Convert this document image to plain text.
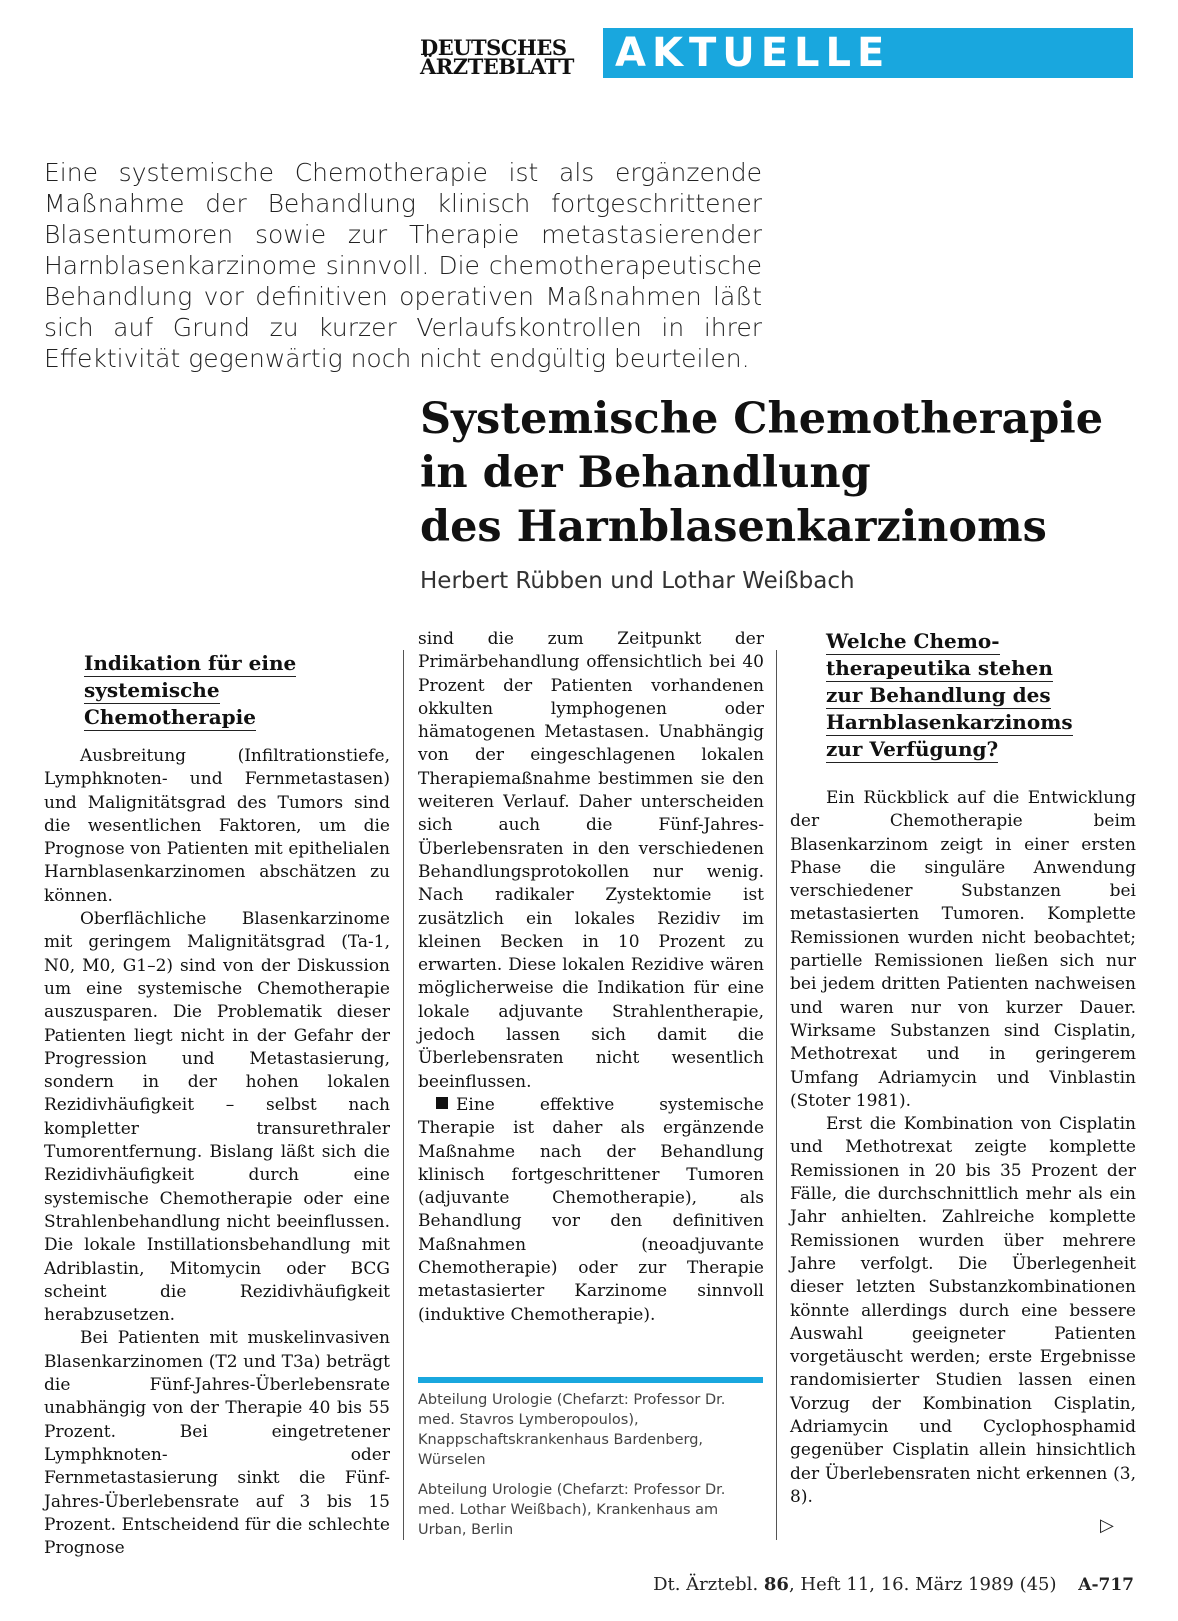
DEUTSCHES
ÄRZTEBLATT	AKTUELLE MEDIZIN

Eine systemische Chemotherapie ist als ergänzende Maßnahme der Behandlung klinisch fortgeschrittener Blasentumoren sowie zur Therapie metastasierender Harnblasenkarzinome sinnvoll. Die chemotherapeutische Behandlung vor definitiven operativen Maßnahmen läßt sich auf Grund zu kurzer Verlaufskontrollen in ihrer Effektivität gegenwärtig noch nicht endgültig beurteilen.

Systemische Chemotherapie
in der Behandlung
des Harnblasenkarzinoms

Herbert Rübben und Lothar Weißbach

Indikation für eine
systemische
Chemotherapie

Ausbreitung (Infiltrationstiefe, Lymphknoten- und Fernmetastasen) und Malignitätsgrad des Tumors sind die wesentlichen Faktoren, um die Prognose von Patienten mit epithelialen Harnblasenkarzinomen abschätzen zu können.

Oberflächliche Blasenkarzinome mit geringem Malignitätsgrad (Ta-1, N0, M0, G1–2) sind von der Diskussion um eine systemische Chemotherapie auszusparen. Die Problematik dieser Patienten liegt nicht in der Gefahr der Progression und Metastasierung, sondern in der hohen lokalen Rezidivhäufigkeit – selbst nach kompletter transurethraler Tumorentfernung. Bislang läßt sich die Rezidivhäufigkeit durch eine systemische Chemotherapie oder eine Strahlenbehandlung nicht beeinflussen. Die lokale Instillationsbehandlung mit Adriblastin, Mitomycin oder BCG scheint die Rezidivhäufigkeit herabzusetzen.

Bei Patienten mit muskelinvasiven Blasenkarzinomen (T2 und T3a) beträgt die Fünf-Jahres-Überlebensrate unabhängig von der Therapie 40 bis 55 Prozent. Bei eingetretener Lymphknoten- oder Fernmetastasierung sinkt die Fünf-Jahres-Überlebensrate auf 3 bis 15 Prozent. Entscheidend für die schlechte Prognose

sind die zum Zeitpunkt der Primärbehandlung offensichtlich bei 40 Prozent der Patienten vorhandenen okkulten lymphogenen oder hämatogenen Metastasen. Unabhängig von der eingeschlagenen lokalen Therapiemaßnahme bestimmen sie den weiteren Verlauf. Daher unterscheiden sich auch die Fünf-Jahres-Überlebensraten in den verschiedenen Behandlungsprotokollen nur wenig. Nach radikaler Zystektomie ist zusätzlich ein lokales Rezidiv im kleinen Becken in 10 Prozent zu erwarten. Diese lokalen Rezidive wären möglicherweise die Indikation für eine lokale adjuvante Strahlentherapie, jedoch lassen sich damit die Überlebensraten nicht wesentlich beeinflussen.

Eine effektive systemische Therapie ist daher als ergänzende Maßnahme nach der Behandlung klinisch fortgeschrittener Tumoren (adjuvante Chemotherapie), als Behandlung vor den definitiven Maßnahmen (neoadjuvante Chemotherapie) oder zur Therapie metastasierter Karzinome sinnvoll (induktive Chemotherapie).

Abteilung Urologie (Chefarzt: Professor Dr. med. Stavros Lymberopoulos), Knappschaftskrankenhaus Bardenberg, Würselen

Abteilung Urologie (Chefarzt: Professor Dr. med. Lothar Weißbach), Krankenhaus am Urban, Berlin

Welche Chemo-
therapeutika stehen
zur Behandlung des
Harnblasenkarzinoms
zur Verfügung?

Ein Rückblick auf die Entwicklung der Chemotherapie beim Blasenkarzinom zeigt in einer ersten Phase die singuläre Anwendung verschiedener Substanzen bei metastasierten Tumoren. Komplette Remissionen wurden nicht beobachtet; partielle Remissionen ließen sich nur bei jedem dritten Patienten nachweisen und waren nur von kurzer Dauer. Wirksame Substanzen sind Cisplatin, Methotrexat und in geringerem Umfang Adriamycin und Vinblastin (Stoter 1981).

Erst die Kombination von Cisplatin und Methotrexat zeigte komplette Remissionen in 20 bis 35 Prozent der Fälle, die durchschnittlich mehr als ein Jahr anhielten. Zahlreiche komplette Remissionen wurden über mehrere Jahre verfolgt. Die Überlegenheit dieser letzten Substanzkombinationen könnte allerdings durch eine bessere Auswahl geeigneter Patienten vorgetäuscht werden; erste Ergebnisse randomisierter Studien lassen einen Vorzug der Kombination Cisplatin, Adriamycin und Cyclophosphamid gegenüber Cisplatin allein hinsichtlich der Überlebensraten nicht erkennen (3, 8).

▷
Dt. Ärztebl. 86, Heft 11, 16. März 1989 (45) A-717
